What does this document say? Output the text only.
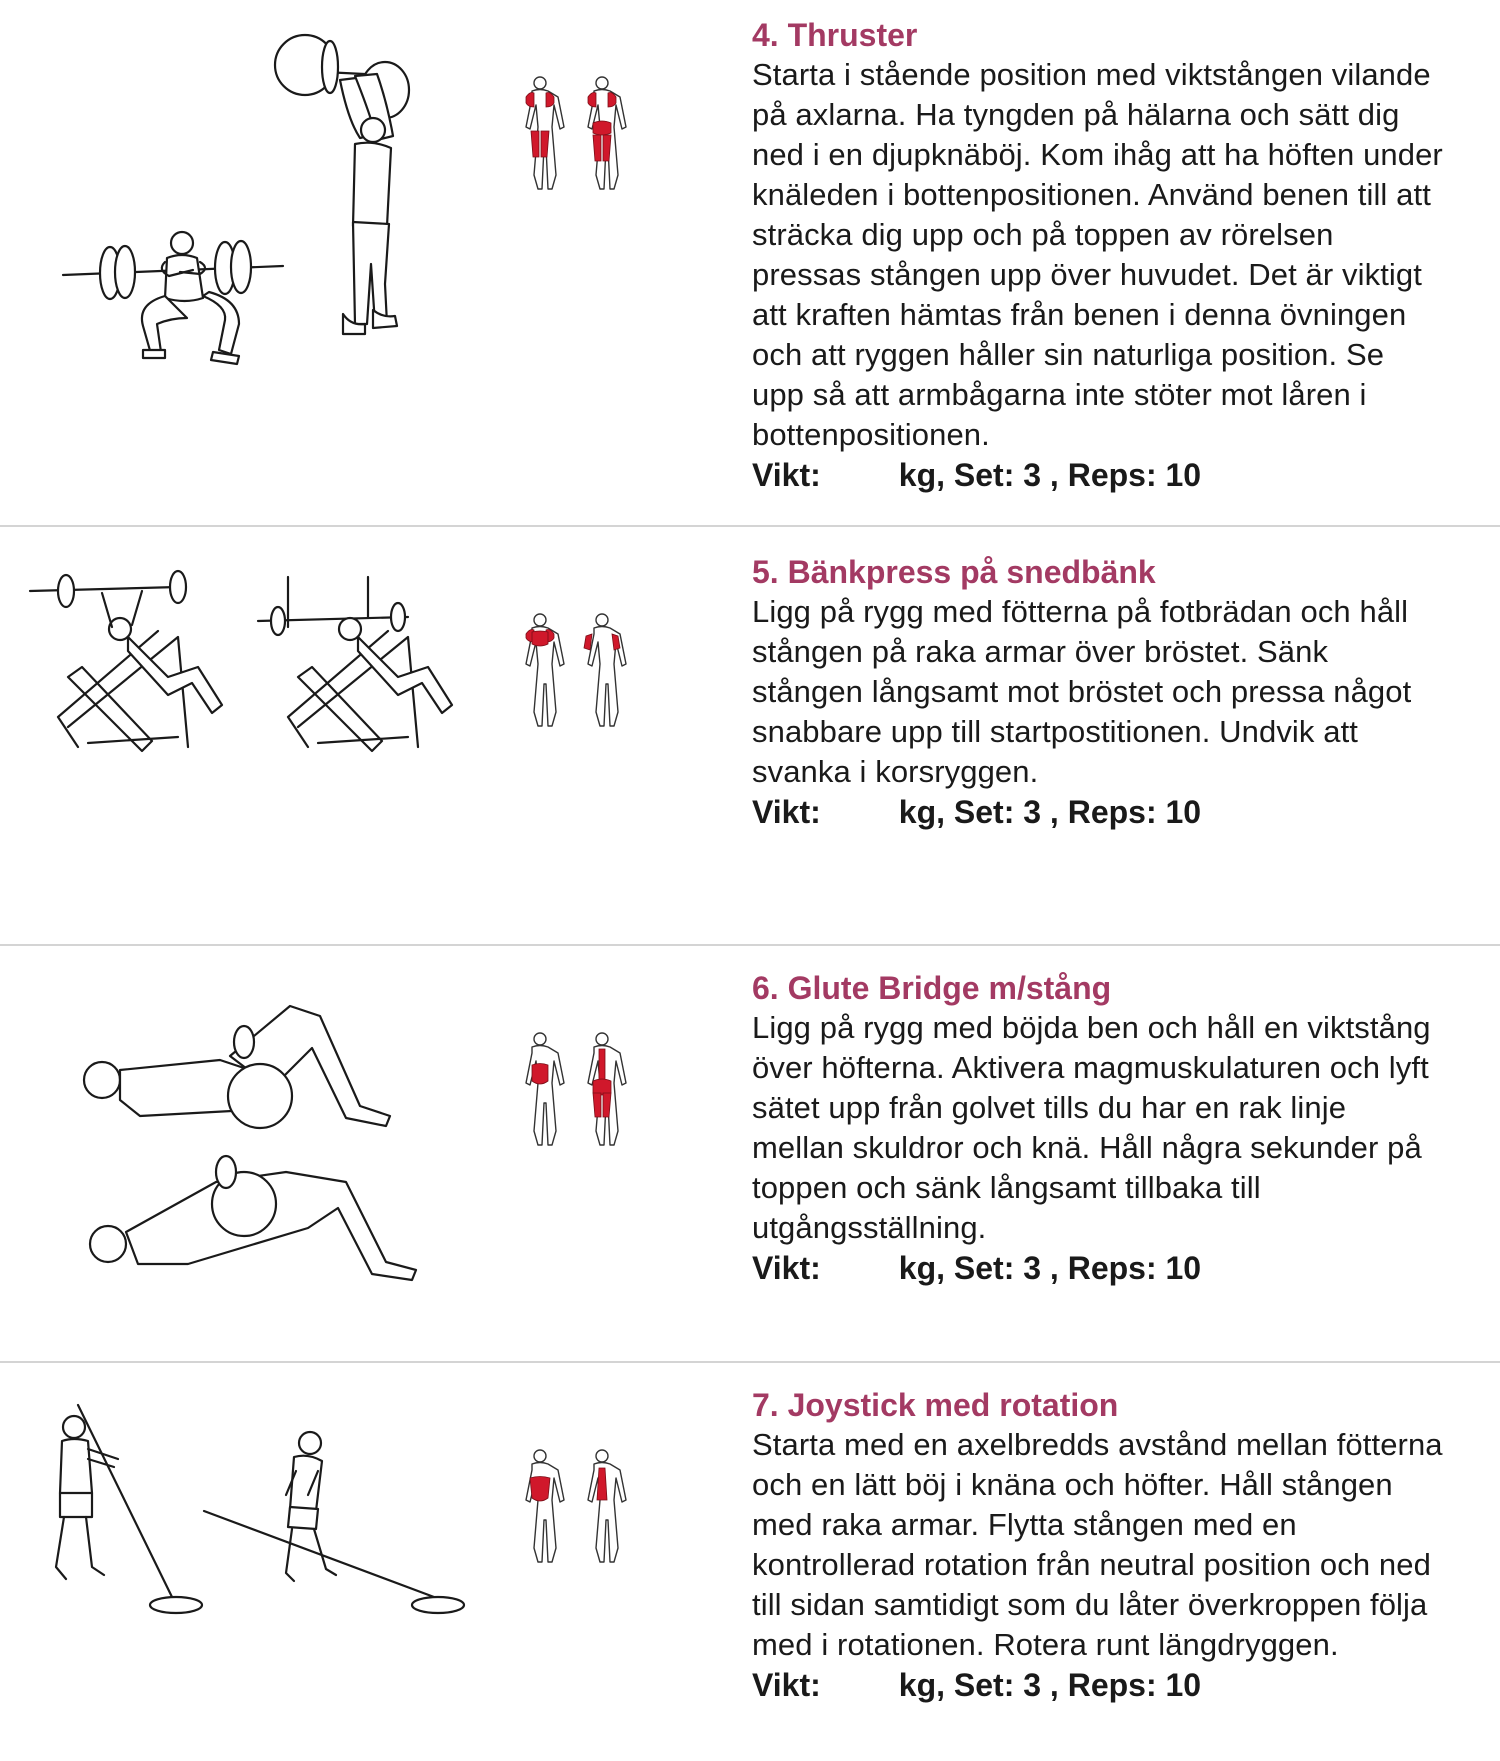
4. Thruster

Starta i stående position med viktstången vilande

på axlarna. Ha tyngden på hälarna och sätt dig

ned i en djupknäböj. Kom ihåg att ha höften under

knäleden i bottenpositionen. Använd benen till att

sträcka dig upp och på toppen av rörelsen

pressas stången upp över huvudet. Det är viktigt

att kraften hämtas från benen i denna övningen

och att ryggen håller sin naturliga position. Se

upp så att armbågarna inte stöter mot låren i

bottenpositionen.

Vikt: kg, Set: 3 , Reps: 10

5. Bänkpress på snedbänk

Ligg på rygg med fötterna på fotbrädan och håll

stången på raka armar över bröstet. Sänk

stången långsamt mot bröstet och pressa något

snabbare upp till startpostitionen. Undvik att

svanka i korsryggen.

Vikt: kg, Set: 3 , Reps: 10

6. Glute Bridge m/stång

Ligg på rygg med böjda ben och håll en viktstång

över höfterna. Aktivera magmuskulaturen och lyft

sätet upp från golvet tills du har en rak linje

mellan skuldror och knä. Håll några sekunder på

toppen och sänk långsamt tillbaka till

utgångsställning.

Vikt: kg, Set: 3 , Reps: 10

7. Joystick med rotation

Starta med en axelbredds avstånd mellan fötterna

och en lätt böj i knäna och höfter. Håll stången

med raka armar. Flytta stången med en

kontrollerad rotation från neutral position och ned

till sidan samtidigt som du låter överkroppen följa

med i rotationen. Rotera runt längdryggen.

Vikt: kg, Set: 3 , Reps: 10
